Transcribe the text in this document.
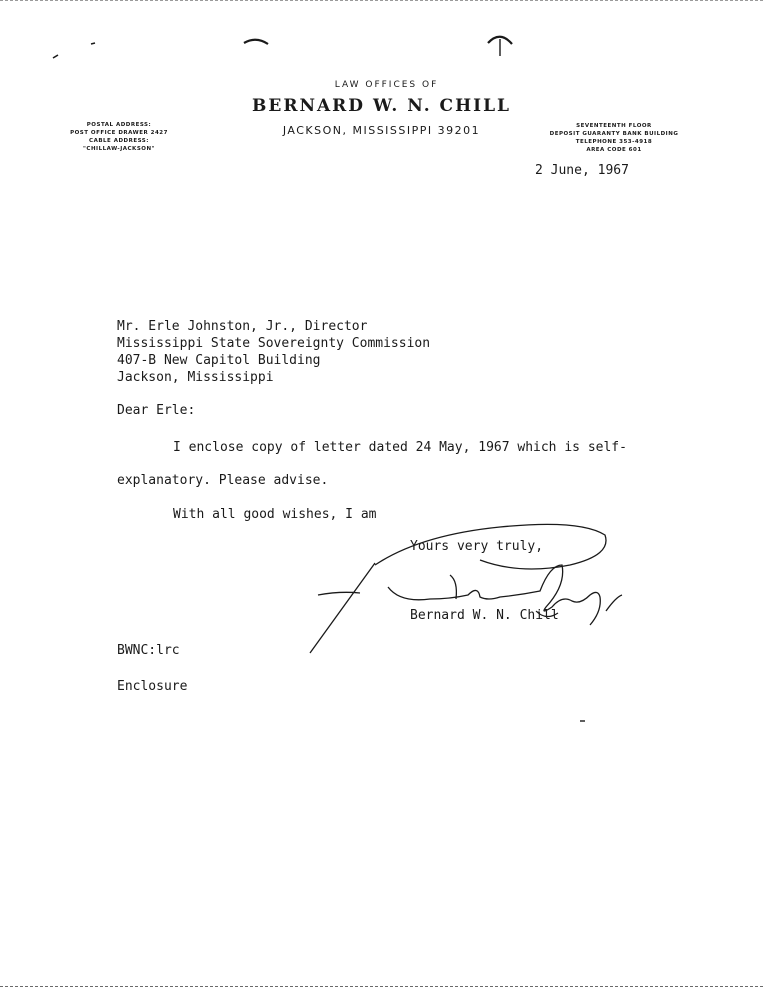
LAW OFFICES OF
BERNARD W. N. CHILL
JACKSON, MISSISSIPPI 39201
POSTAL ADDRESS:
POST OFFICE DRAWER 2427
CABLE ADDRESS:
"CHILLAW-JACKSON"
SEVENTEENTH FLOOR
DEPOSIT GUARANTY BANK BUILDING
TELEPHONE 353-4918
AREA CODE 601
2 June, 1967
Mr. Erle Johnston, Jr., Director
Mississippi State Sovereignty Commission
407-B New Capitol Building
Jackson, Mississippi
Dear Erle:
I enclose copy of letter dated 24 May, 1967 which is self-
explanatory. Please advise.
With all good wishes, I am
Yours very truly,
Bernard W. N. Chill
BWNC:lrc
Enclosure
